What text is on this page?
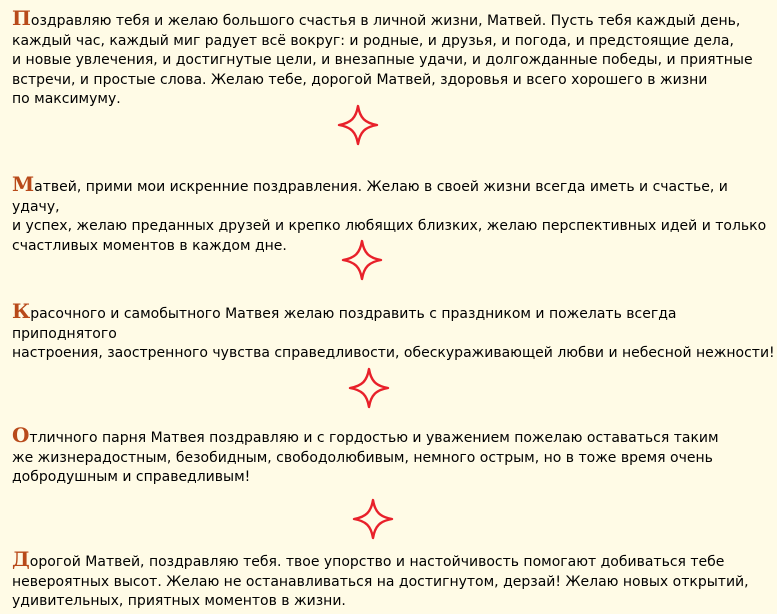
Поздравляю тебя и желаю большого счастья в личной жизни, Матвей. Пусть тебя каждый день,
каждый час, каждый миг радует всё вокруг: и родные, и друзья, и погода, и предстоящие дела,
и новые увлечения, и достигнутые цели, и внезапные удачи, и долгожданные победы, и приятные
встречи, и простые слова. Желаю тебе, дорогой Матвей, здоровья и всего хорошего в жизни
по максимуму.

Матвей, прими мои искренние поздравления. Желаю в своей жизни всегда иметь и счастье, и удачу,
и успех, желаю преданных друзей и крепко любящих близких, желаю перспективных идей и только
счастливых моментов в каждом дне.

Красочного и самобытного Матвея желаю поздравить с праздником и пожелать всегда приподнятого
настроения, заостренного чувства справедливости, обескураживающей любви и небесной нежности!

Отличного парня Матвея поздравляю и с гордостью и уважением пожелаю оставаться таким
же жизнерадостным, безобидным, свободолюбивым, немного острым, но в тоже время очень
добродушным и справедливым!

Дорогой Матвей, поздравляю тебя. твое упорство и настойчивость помогают добиваться тебе
невероятных высот. Желаю не останавливаться на достигнутом, дерзай! Желаю новых открытий,
удивительных, приятных моментов в жизни.
